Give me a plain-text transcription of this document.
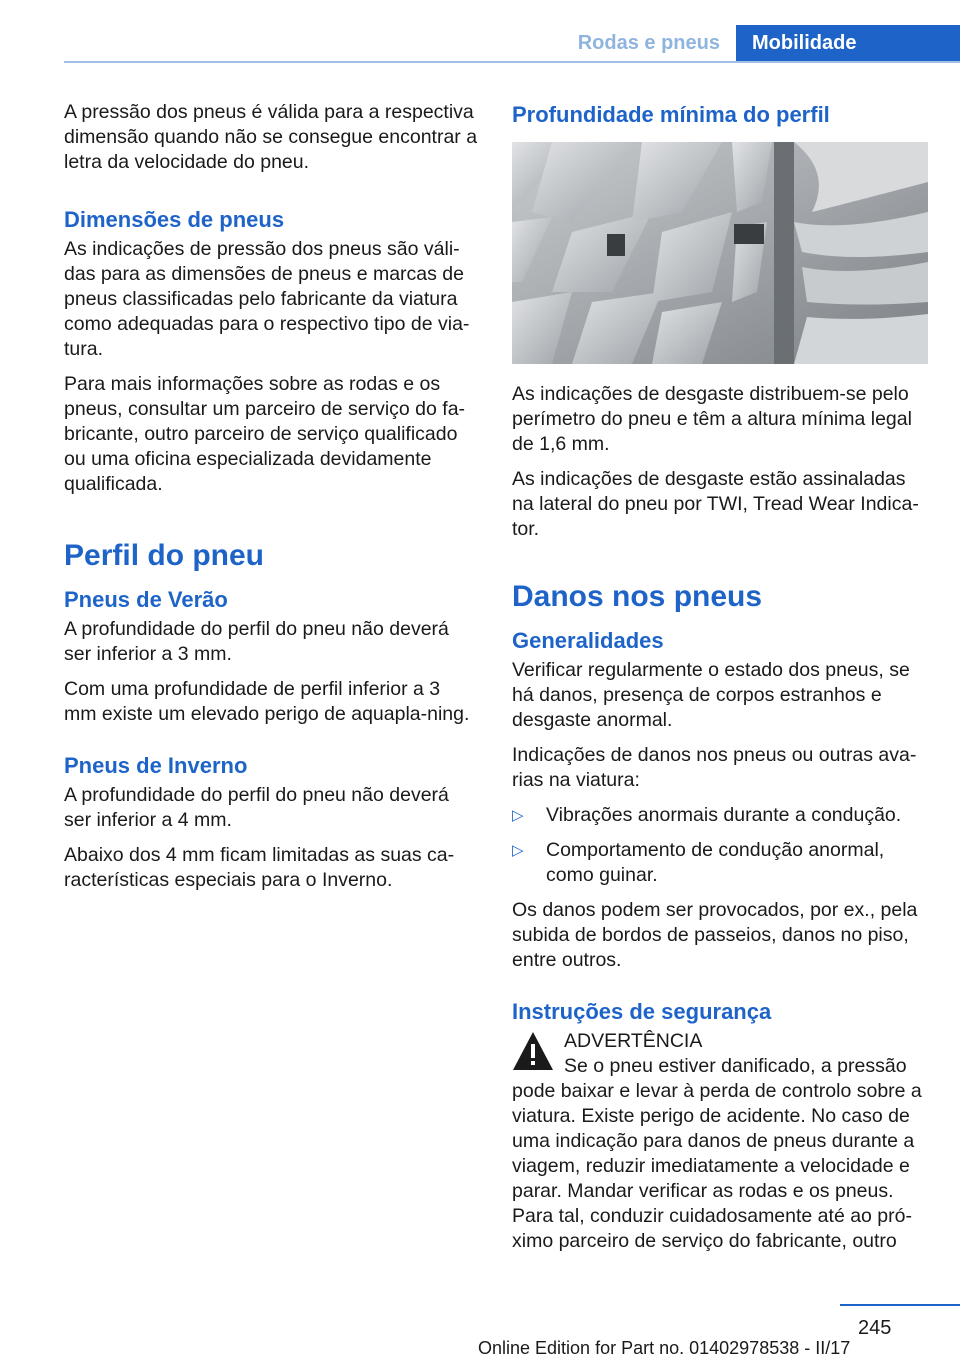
Rodas e pneus	Mobilidade

A pressão dos pneus é válida para a respectiva dimensão quando não se consegue encontrar a letra da velocidade do pneu.

Dimensões de pneus

As indicações de pressão dos pneus são váli‐das para as dimensões de pneus e marcas de pneus classificadas pelo fabricante da viatura como adequadas para o respectivo tipo de via‐tura.

Para mais informações sobre as rodas e os pneus, consultar um parceiro de serviço do fa‐bricante, outro parceiro de serviço qualificado ou uma oficina especializada devidamente qualificada.

Perfil do pneu
Pneus de Verão

A profundidade do perfil do pneu não deverá ser inferior a 3 mm.

Com uma profundidade de perfil inferior a 3 mm existe um elevado perigo de aquapla‐ning.

Pneus de Inverno

A profundidade do perfil do pneu não deverá ser inferior a 4 mm.

Abaixo dos 4 mm ficam limitadas as suas ca‐racterísticas especiais para o Inverno.

Profundidade mínima do perfil

As indicações de desgaste distribuem-se pelo perímetro do pneu e têm a altura mínima legal de 1,6 mm.

As indicações de desgaste estão assinaladas na lateral do pneu por TWI, Tread Wear Indica‐tor.

Danos nos pneus
Generalidades

Verificar regularmente o estado dos pneus, se há danos, presença de corpos estranhos e desgaste anormal.

Indicações de danos nos pneus ou outras ava‐rias na viatura:

▷ Vibrações anormais durante a condução.
▷ Comportamento de condução anormal, como guinar.

Os danos podem ser provocados, por ex., pela subida de bordos de passeios, danos no piso, entre outros.

Instruções de segurança
ADVERTÊNCIA
Se o pneu estiver danificado, a pressão pode baixar e levar à perda de controlo sobre a viatura. Existe perigo de acidente. No caso de uma indicação para danos de pneus durante a viagem, reduzir imediatamente a velocidade e parar. Mandar verificar as rodas e os pneus. Para tal, conduzir cuidadosamente até ao pró‐ximo parceiro de serviço do fabricante, outro
245
Online Edition for Part no. 01402978538 - II/17
